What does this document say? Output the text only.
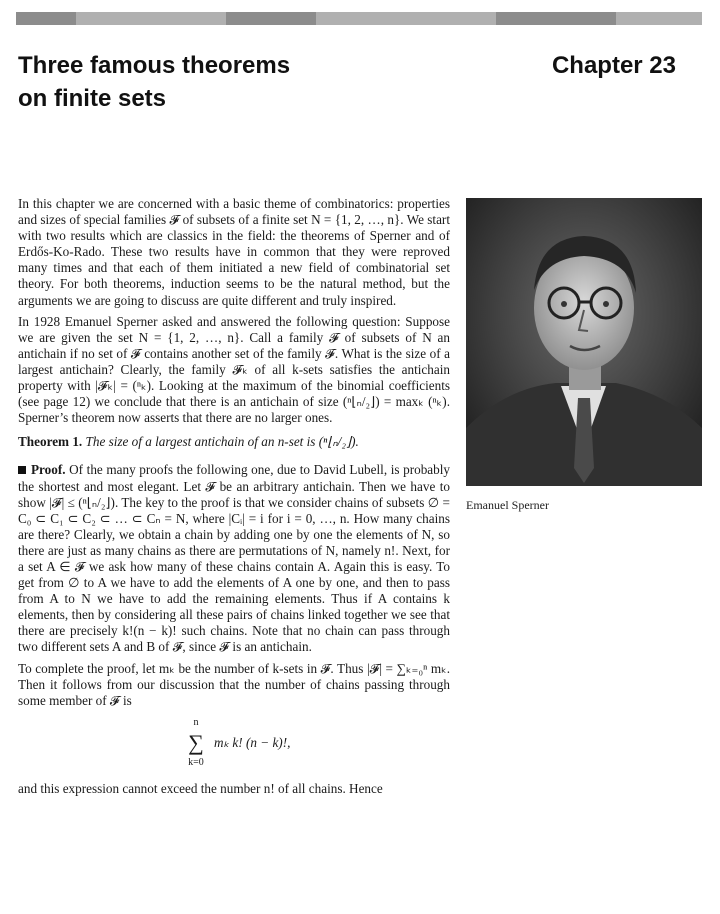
Three famous theorems
on finite sets
Chapter 23

In this chapter we are concerned with a basic theme of combinatorics: properties and sizes of special families 𝓕 of subsets of a finite set N = {1, 2, …, n}. We start with two results which are classics in the field: the theorems of Sperner and of Erdős-Ko-Rado. These two results have in common that they were reproved many times and that each of them initiated a new field of combinatorial set theory. For both theorems, induction seems to be the natural method, but the arguments we are going to discuss are quite different and truly inspired.

In 1928 Emanuel Sperner asked and answered the following question: Suppose we are given the set N = {1, 2, …, n}. Call a family 𝓕 of subsets of N an antichain if no set of 𝓕 contains another set of the family 𝓕. What is the size of a largest antichain? Clearly, the family 𝓕ₖ of all k-sets satisfies the antichain property with |𝓕ₖ| = (ⁿₖ). Looking at the maximum of the binomial coefficients (see page 12) we conclude that there is an antichain of size (ⁿ⌊ₙ/₂⌋) = maxₖ (ⁿₖ). Sperner’s theorem now asserts that there are no larger ones.

Theorem 1. The size of a largest antichain of an n-set is (ⁿ⌊ₙ/₂⌋).

Proof. Of the many proofs the following one, due to David Lubell, is probably the shortest and most elegant. Let 𝓕 be an arbitrary antichain. Then we have to show |𝓕| ≤ (ⁿ⌊ₙ/₂⌋). The key to the proof is that we consider chains of subsets ∅ = C₀ ⊂ C₁ ⊂ C₂ ⊂ … ⊂ Cₙ = N, where |Cᵢ| = i for i = 0, …, n. How many chains are there? Clearly, we obtain a chain by adding one by one the elements of N, so there are just as many chains as there are permutations of N, namely n!. Next, for a set A ∈ 𝓕 we ask how many of these chains contain A. Again this is easy. To get from ∅ to A we have to add the elements of A one by one, and then to pass from A to N we have to add the remaining elements. Thus if A contains k elements, then by considering all these pairs of chains linked together we see that there are precisely k!(n − k)! such chains. Note that no chain can pass through two different sets A and B of 𝓕, since 𝓕 is an antichain.

To complete the proof, let mₖ be the number of k-sets in 𝓕. Thus |𝓕| = ∑ₖ₌₀ⁿ mₖ. Then it follows from our discussion that the number of chains passing through some member of 𝓕 is

n
∑
k=0
mₖ k! (n − k)!,

and this expression cannot exceed the number n! of all chains. Hence

Emanuel Sperner
